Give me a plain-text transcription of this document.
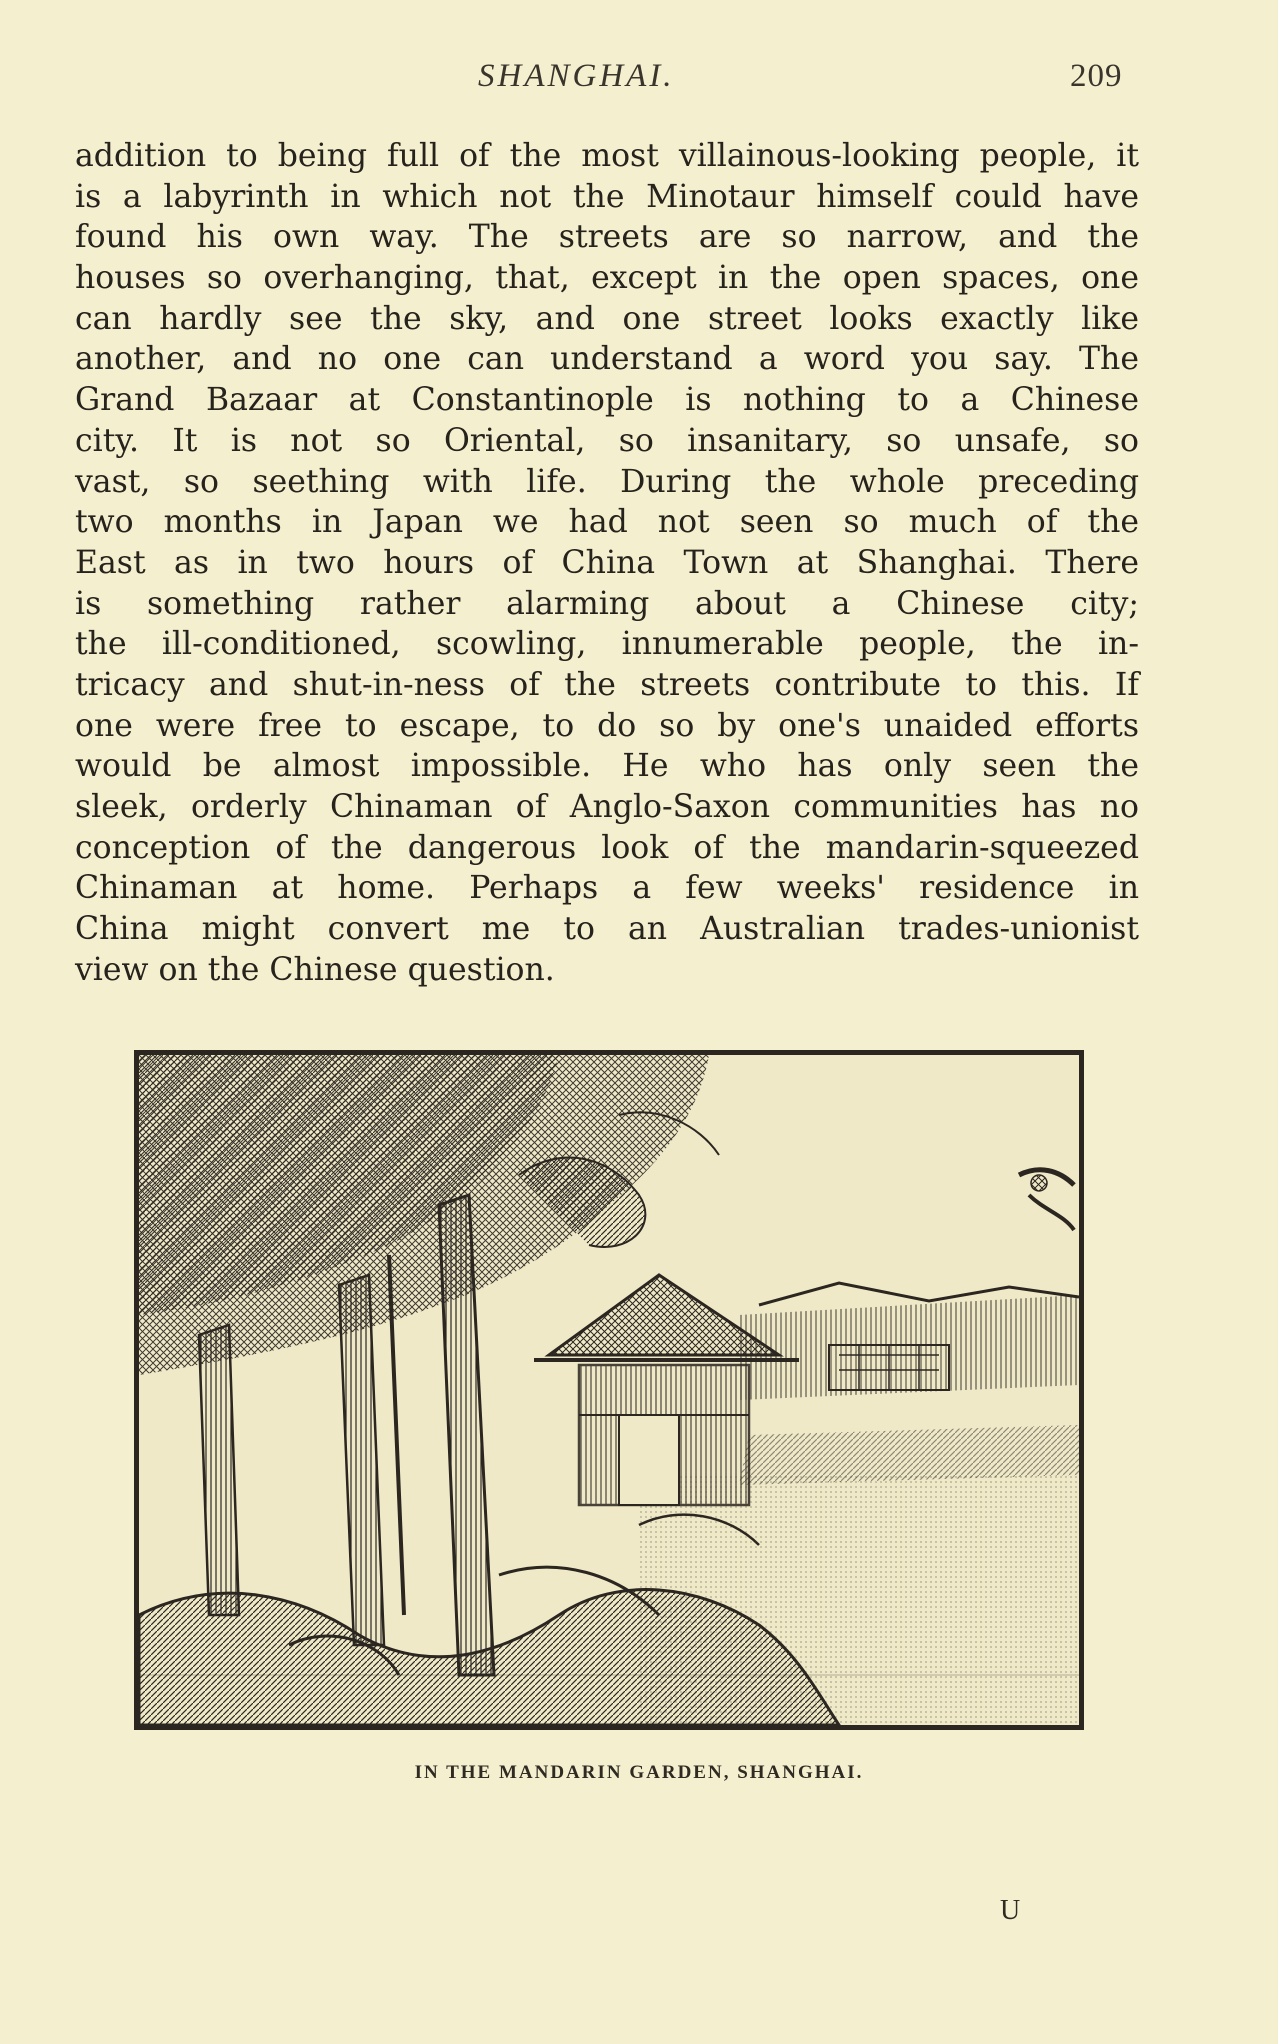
SHANGHAI.	209
addition to being full of the most villainous-looking people, it
is a labyrinth in which not the Minotaur himself could have
found his own way. The streets are so narrow, and the
houses so overhanging, that, except in the open spaces, one
can hardly see the sky, and one street looks exactly like
another, and no one can understand a word you say. The
Grand Bazaar at Constantinople is nothing to a Chinese
city. It is not so Oriental, so insanitary, so unsafe, so
vast, so seething with life. During the whole preceding
two months in Japan we had not seen so much of the
East as in two hours of China Town at Shanghai. There
is something rather alarming about a Chinese city;
the ill-conditioned, scowling, innumerable people, the in-
tricacy and shut-in-ness of the streets contribute to this. If
one were free to escape, to do so by one's unaided efforts
would be almost impossible. He who has only seen the
sleek, orderly Chinaman of Anglo-Saxon communities has no
conception of the dangerous look of the mandarin-squeezed
Chinaman at home. Perhaps a few weeks' residence in
China might convert me to an Australian trades-unionist
view on the Chinese question.
IN THE MANDARIN GARDEN, SHANGHAI.
U
